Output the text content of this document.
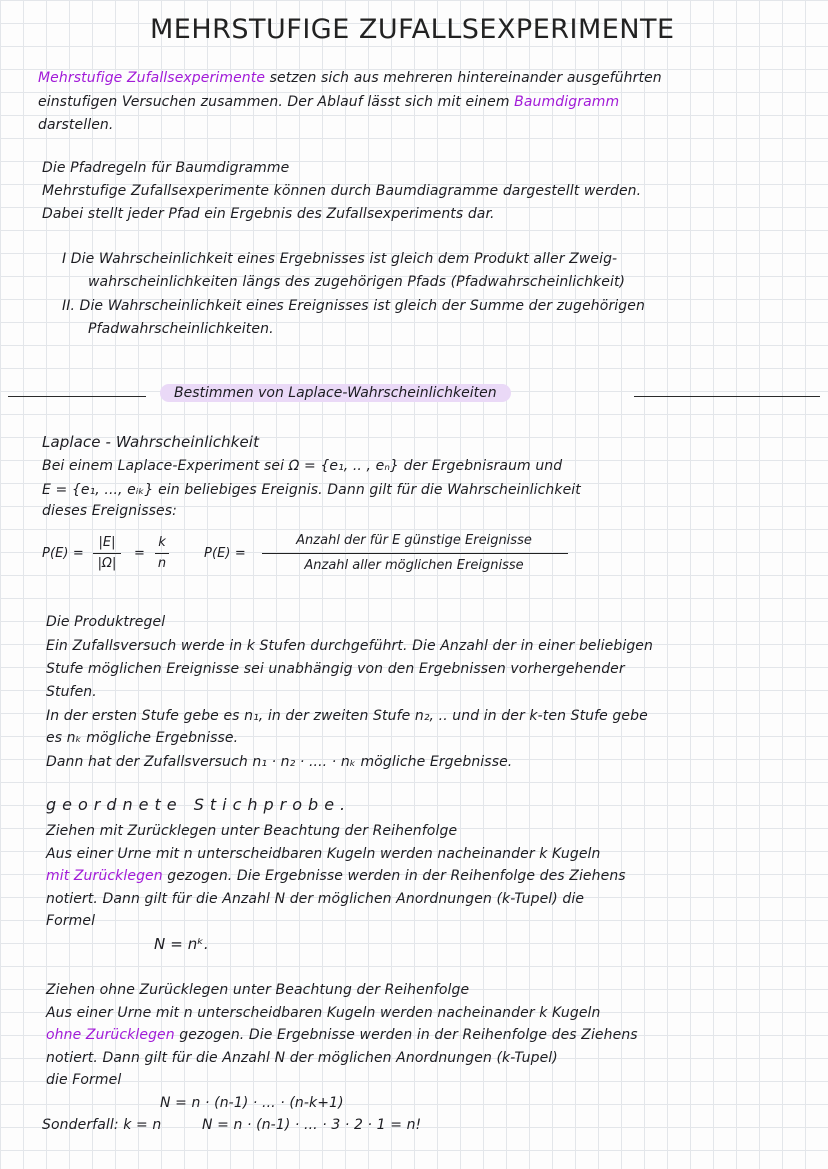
MEHRSTUFIGE ZUFALLSEXPERIMENTE
Mehrstufige Zufallsexperimente setzen sich aus mehreren hintereinander ausgeführten
einstufigen Versuchen zusammen. Der Ablauf lässt sich mit einem Baumdigramm
darstellen.
Die Pfadregeln für Baumdigramme
Mehrstufige Zufallsexperimente können durch Baumdiagramme dargestellt werden.
Dabei stellt jeder Pfad ein Ergebnis des Zufallsexperiments dar.
I Die Wahrscheinlichkeit eines Ergebnisses ist gleich dem Produkt aller Zweig-
wahrscheinlichkeiten längs des zugehörigen Pfads (Pfadwahrscheinlichkeit)
II. Die Wahrscheinlichkeit eines Ereignisses ist gleich der Summe der zugehörigen
Pfadwahrscheinlichkeiten.
Bestimmen von Laplace-Wahrscheinlichkeiten
Laplace - Wahrscheinlichkeit
Bei einem Laplace-Experiment sei Ω = {e₁, .. , eₙ} der Ergebnisraum und
E = {e₁, ..., eᵢₖ} ein beliebiges Ereignis. Dann gilt für die Wahrscheinlichkeit
dieses Ereignisses:
P(E) =
|E|
|Ω|
=
k
n
P(E) =
Anzahl der für E günstige Ereignisse
Anzahl aller möglichen Ereignisse
Die Produktregel
Ein Zufallsversuch werde in k Stufen durchgeführt. Die Anzahl der in einer beliebigen
Stufe möglichen Ereignisse sei unabhängig von den Ergebnissen vorhergehender
Stufen.
In der ersten Stufe gebe es n₁, in der zweiten Stufe n₂, .. und in der k-ten Stufe gebe
es nₖ mögliche Ergebnisse.
Dann hat der Zufallsversuch n₁ · n₂ · .... · nₖ mögliche Ergebnisse.
geordnete Stichprobe.
Ziehen mit Zurücklegen unter Beachtung der Reihenfolge
Aus einer Urne mit n unterscheidbaren Kugeln werden nacheinander k Kugeln
mit Zurücklegen gezogen. Die Ergebnisse werden in der Reihenfolge des Ziehens
notiert. Dann gilt für die Anzahl N der möglichen Anordnungen (k-Tupel) die
Formel
N = nᵏ.
Ziehen ohne Zurücklegen unter Beachtung der Reihenfolge
Aus einer Urne mit n unterscheidbaren Kugeln werden nacheinander k Kugeln
ohne Zurücklegen gezogen. Die Ergebnisse werden in der Reihenfolge des Ziehens
notiert. Dann gilt für die Anzahl N der möglichen Anordnungen (k-Tupel)
die Formel
N = n · (n-1) · ... · (n-k+1)
Sonderfall: k = n	N = n · (n-1) · ... · 3 · 2 · 1 = n!
